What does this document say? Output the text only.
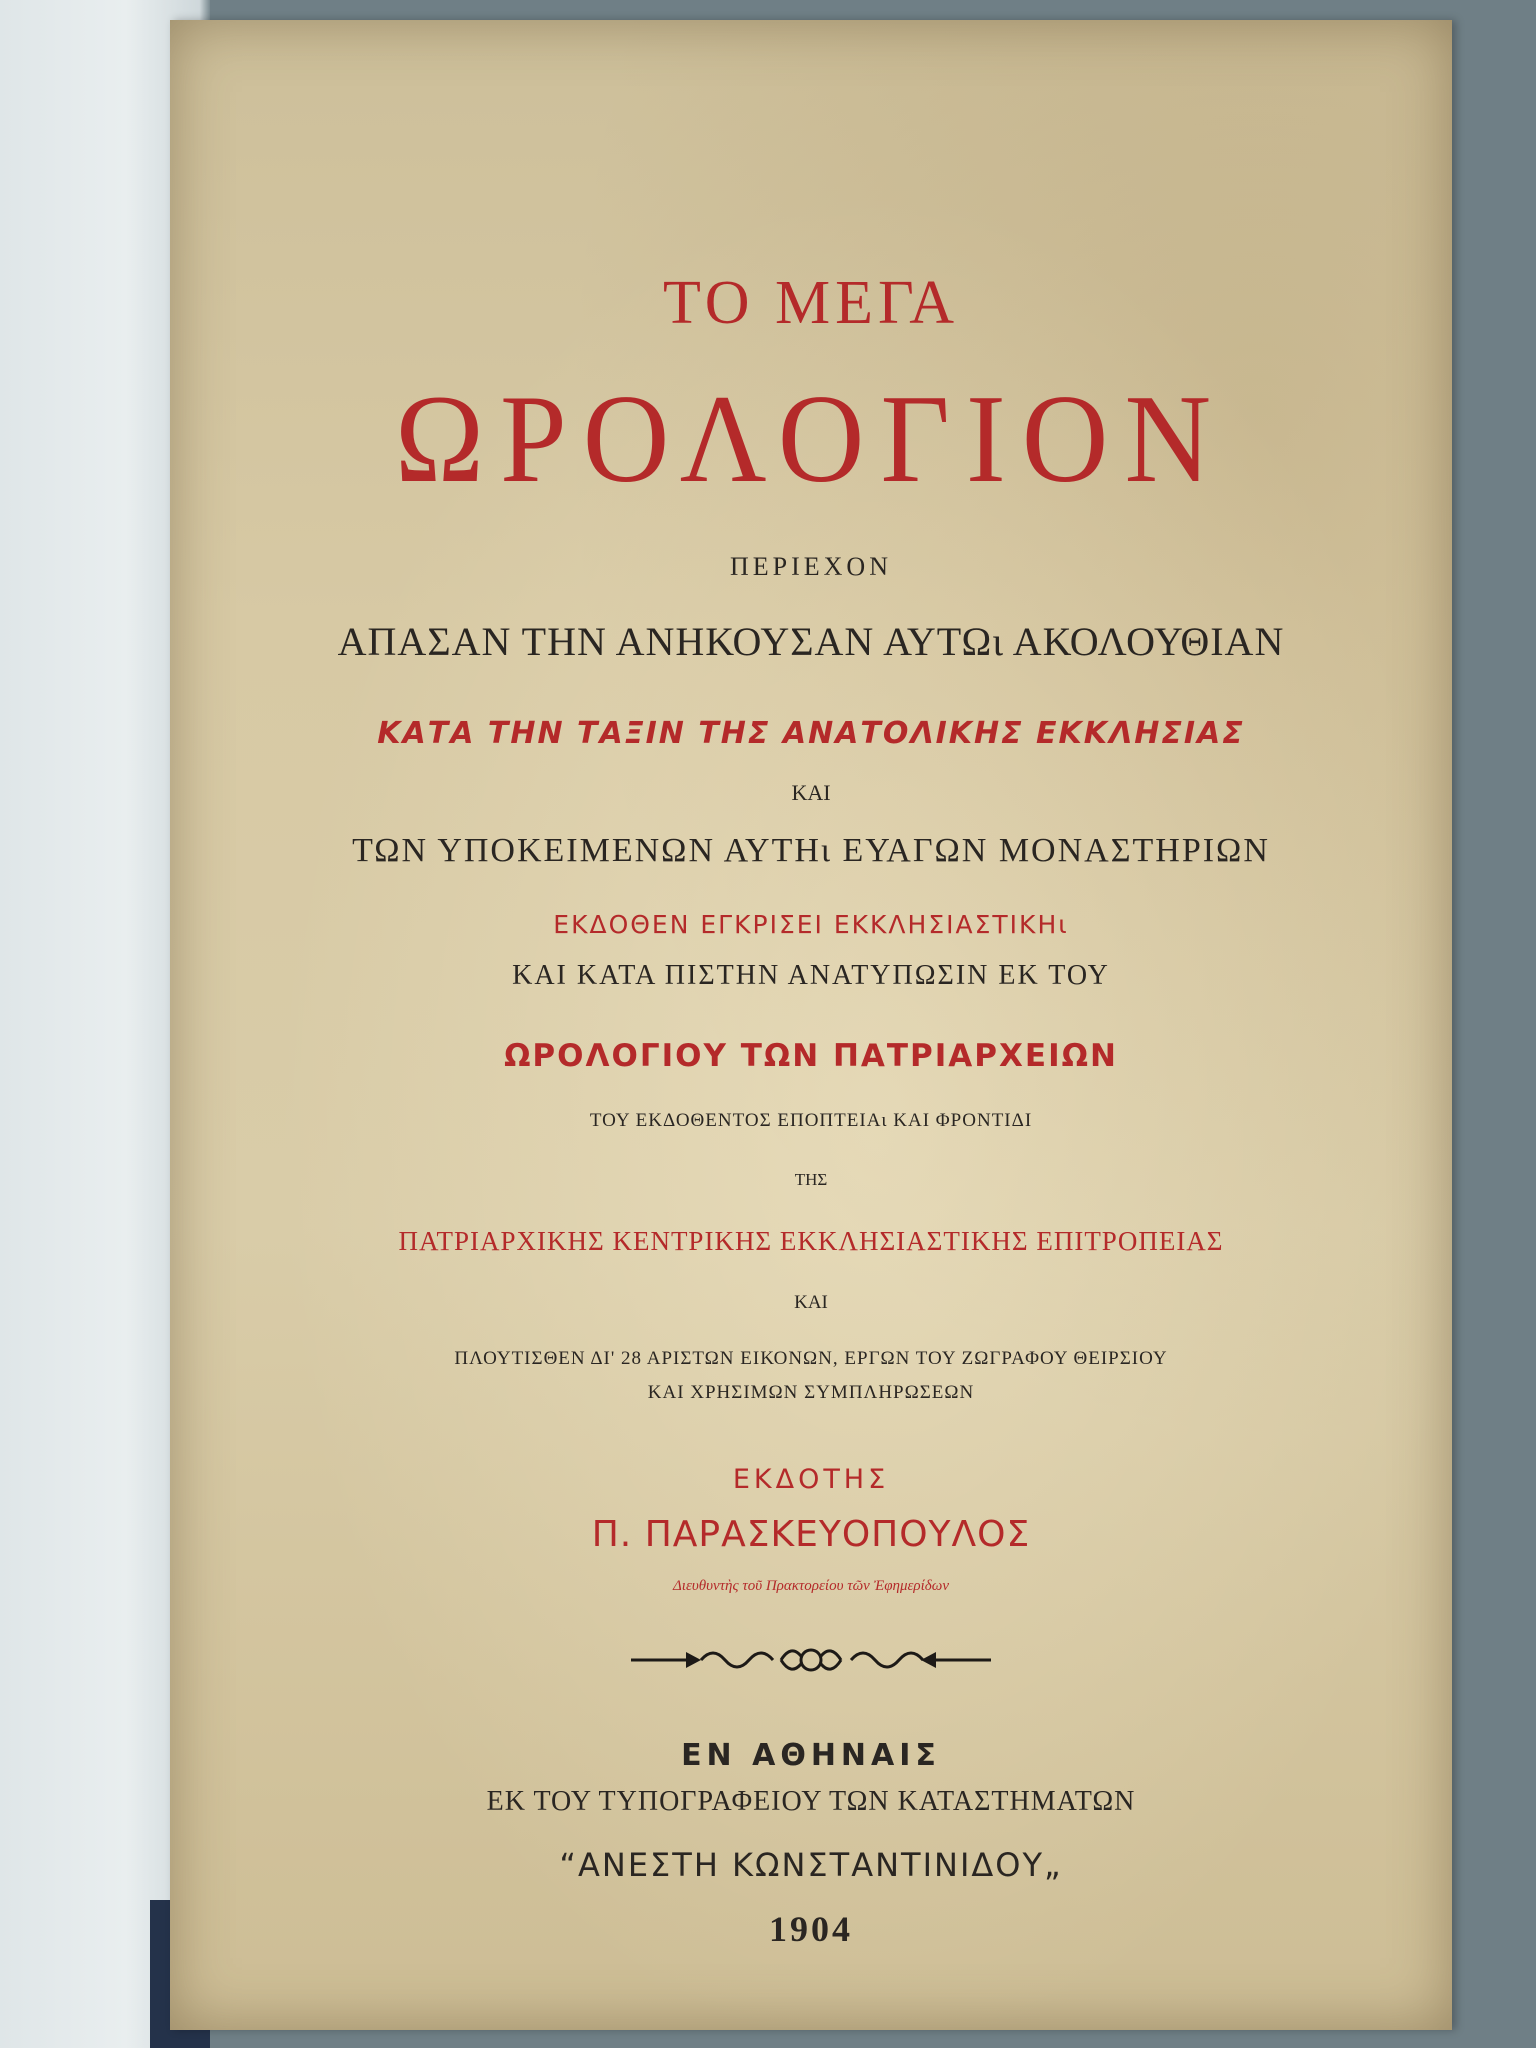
ΤΟ ΜΕΓΑ
ΩΡΟΛΟΓΙΟΝ
ΠΕΡΙΕΧΟΝ
ΑΠΑΣΑΝ ΤΗΝ ΑΝΗΚΟΥΣΑΝ ΑΥΤΩι ΑΚΟΛΟΥΘΙΑΝ
ΚΑΤΑ ΤΗΝ ΤΑΞΙΝ ΤΗΣ ΑΝΑΤΟΛΙΚΗΣ ΕΚΚΛΗΣΙΑΣ
ΚΑΙ
ΤΩΝ ΥΠΟΚΕΙΜΕΝΩΝ ΑΥΤΗι ΕΥΑΓΩΝ ΜΟΝΑΣΤΗΡΙΩΝ
ΕΚΔΟΘΕΝ ΕΓΚΡΙΣΕΙ ΕΚΚΛΗΣΙΑΣΤΙΚΗι
ΚΑΙ ΚΑΤΑ ΠΙΣΤΗΝ ΑΝΑΤΥΠΩΣΙΝ ΕΚ ΤΟΥ
ΩΡΟΛΟΓΙΟΥ ΤΩΝ ΠΑΤΡΙΑΡΧΕΙΩΝ
ΤΟΥ ΕΚΔΟΘΕΝΤΟΣ ΕΠΟΠΤΕΙΑι ΚΑΙ ΦΡΟΝΤΙΔΙ
ΤΗΣ
ΠΑΤΡΙΑΡΧΙΚΗΣ ΚΕΝΤΡΙΚΗΣ ΕΚΚΛΗΣΙΑΣΤΙΚΗΣ ΕΠΙΤΡΟΠΕΙΑΣ
ΚΑΙ
ΠΛΟΥΤΙΣΘΕΝ ΔΙ' 28 ΑΡΙΣΤΩΝ ΕΙΚΟΝΩΝ, ΕΡΓΩΝ ΤΟΥ ΖΩΓΡΑΦΟΥ ΘΕΙΡΣΙΟΥ
ΚΑΙ ΧΡΗΣΙΜΩΝ ΣΥΜΠΛΗΡΩΣΕΩΝ
ΕΚΔΟΤΗΣ
Π. ΠΑΡΑΣΚΕΥΟΠΟΥΛΟΣ
Διευθυντὴς τοῦ Πρακτορείου τῶν Ἐφημερίδων
ΕΝ ΑΘΗΝΑΙΣ
ΕΚ ΤΟΥ ΤΥΠΟΓΡΑΦΕΙΟΥ ΤΩΝ ΚΑΤΑΣΤΗΜΑΤΩΝ
“ΑΝΕΣΤΗ ΚΩΝΣΤΑΝΤΙΝΙΔΟΥ„
1904
